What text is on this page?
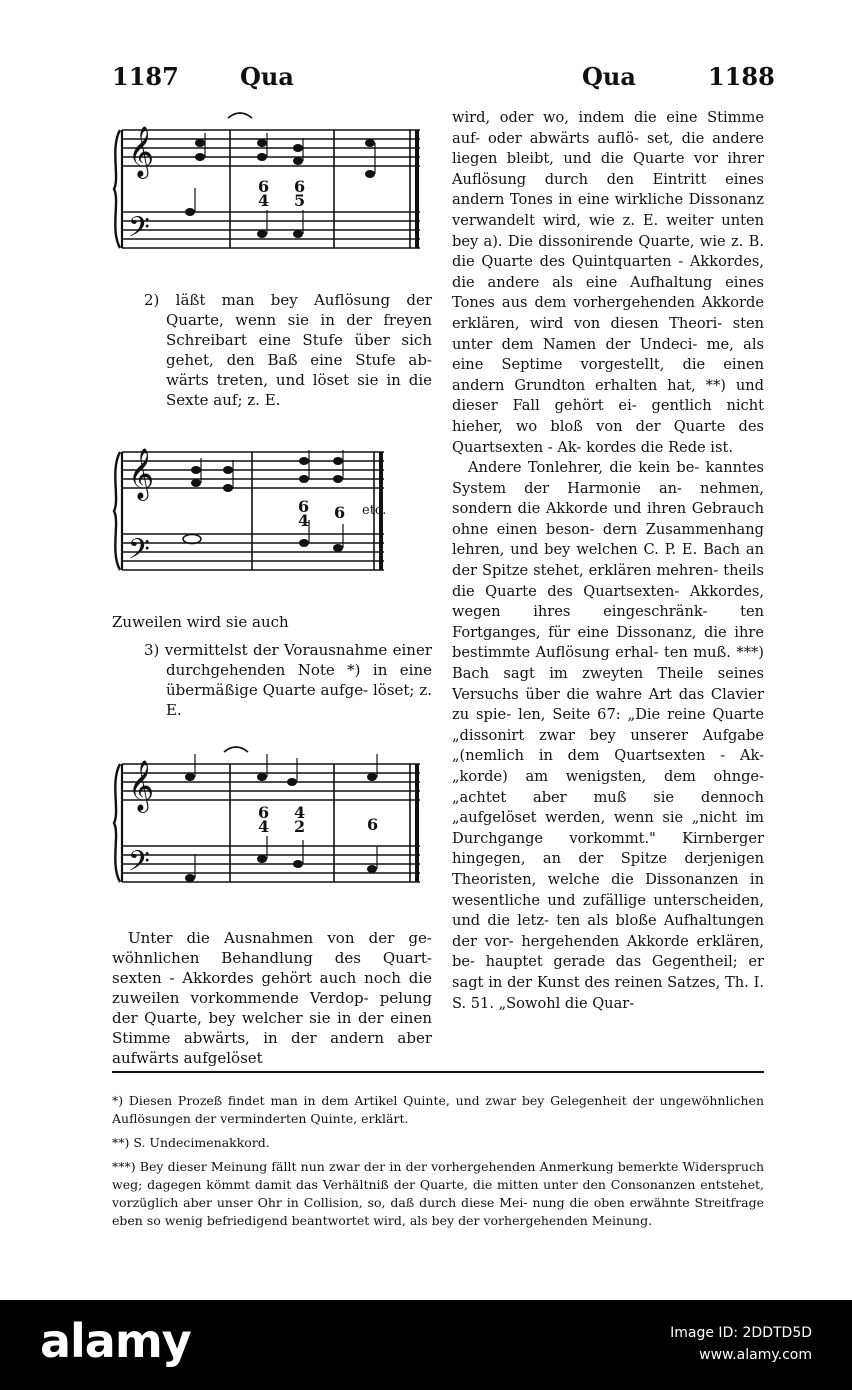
1187	Qua	Qua	1188
𝄞
𝄢
6
4
6
5

2) läßt man bey Auflösung der Quarte, wenn sie in der freyen Schreibart eine Stufe über sich gehet, den Baß eine Stufe ab- wärts treten, und löset sie in die Sexte auf; z. E.

𝄞
𝄢
6
4 6 etc.

Zuweilen wird sie auch

3) vermittelst der Vorausnahme einer durchgehenden Note *) in eine übermäßige Quarte aufge- löset; z. E.

𝄞
𝄢
6
4
4
2	6

Unter die Ausnahmen von der ge- wöhnlichen Behandlung des Quart- sexten - Akkordes gehört auch noch die zuweilen vorkommende Verdop- pelung der Quarte, bey welcher sie in der einen Stimme abwärts, in der andern aber aufwärts aufgelöset

wird, oder wo, indem die eine Stimme auf- oder abwärts auflö- set, die andere liegen bleibt, und die Quarte vor ihrer Auflösung durch den Eintritt eines andern Tones in eine wirkliche Dissonanz verwandelt wird, wie z. E. weiter unten bey a). Die dissonirende Quarte, wie z. B. die Quarte des Quintquarten - Akkordes, die andere als eine Aufhaltung eines Tones aus dem vorhergehenden Akkorde erklären, wird von diesen Theori- sten unter dem Namen der Undeci- me, als eine Septime vorgestellt, die einen andern Grundton erhalten hat, **) und dieser Fall gehört ei- gentlich nicht hieher, wo bloß von der Quarte des Quartsexten - Ak- kordes die Rede ist.

Andere Tonlehrer, die kein be- kanntes System der Harmonie an- nehmen, sondern die Akkorde und ihren Gebrauch ohne einen beson- dern Zusammenhang lehren, und bey welchen C. P. E. Bach an der Spitze stehet, erklären mehren- theils die Quarte des Quartsexten- Akkordes, wegen ihres eingeschränk- ten Fortganges, für eine Dissonanz, die ihre bestimmte Auflösung erhal- ten muß. ***) Bach sagt im zweyten Theile seines Versuchs über die wahre Art das Clavier zu spie- len, Seite 67: „Die reine Quarte „dissonirt zwar bey unserer Aufgabe „(nemlich in dem Quartsexten - Ak- „korde) am wenigsten, dem ohnge- „achtet aber muß sie dennoch „aufgelöset werden, wenn sie „nicht im Durchgange vorkommt." Kirnberger hingegen, an der Spitze derjenigen Theoristen, welche die Dissonanzen in wesentliche und zufällige unterscheiden, und die letz- ten als bloße Aufhaltungen der vor- hergehenden Akkorde erklären, be- hauptet gerade das Gegentheil; er sagt in der Kunst des reinen Satzes, Th. I. S. 51. „Sowohl die Quar-

*) Diesen Prozeß findet man in dem Artikel Quinte, und zwar bey Gelegenheit der ungewöhnlichen Auflösungen der verminderten Quinte, erklärt.

**) S. Undecimenakkord.

***) Bey dieser Meinung fällt nun zwar der in der vorhergehenden Anmerkung bemerkte Widerspruch weg; dagegen kömmt damit das Verhältniß der Quarte, die mitten unter den Consonanzen entstehet, vorzüglich aber unser Ohr in Collision, so, daß durch diese Mei- nung die oben erwähnte Streitfrage eben so wenig befriedigend beantwortet wird, als bey der vorhergehenden Meinung.

alamy	Image ID: 2DDTD5D
www.alamy.com
